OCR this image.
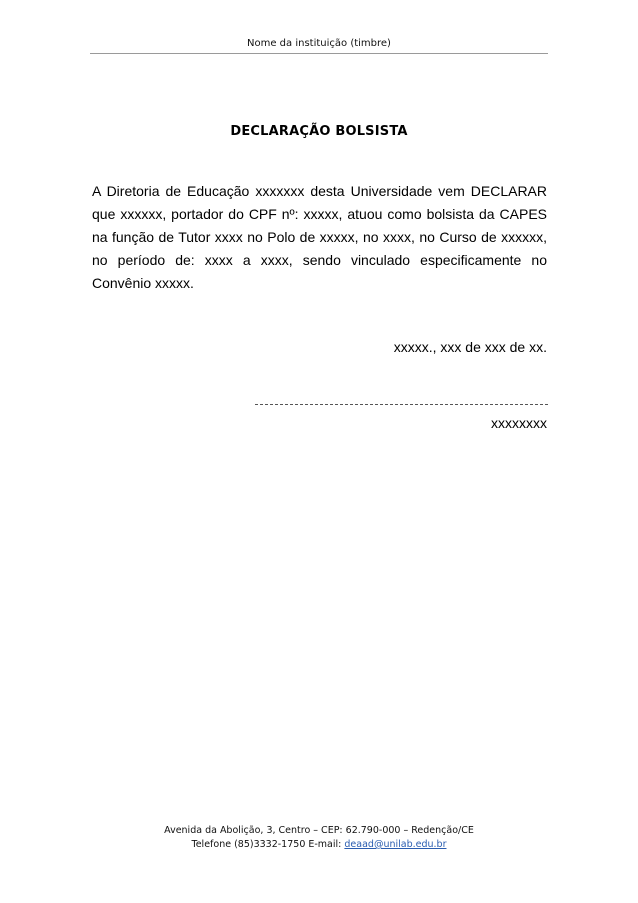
Nome da instituição (timbre)
DECLARAÇÃO BOLSISTA

A Diretoria de Educação xxxxxxx desta Universidade vem DECLARAR que xxxxxx, portador do CPF nº: xxxxx, atuou como bolsista da CAPES na função de Tutor xxxx no Polo de xxxxx, no xxxx, no Curso de xxxxxx, no período de: xxxx a xxxx, sendo vinculado especificamente no Convênio xxxxx.

xxxxx., xxx de xxx de xx.
xxxxxxxx
Avenida da Abolição, 3, Centro – CEP: 62.790-000 – Redenção/CE
Telefone (85)3332-1750 E-mail: deaad@unilab.edu.br
